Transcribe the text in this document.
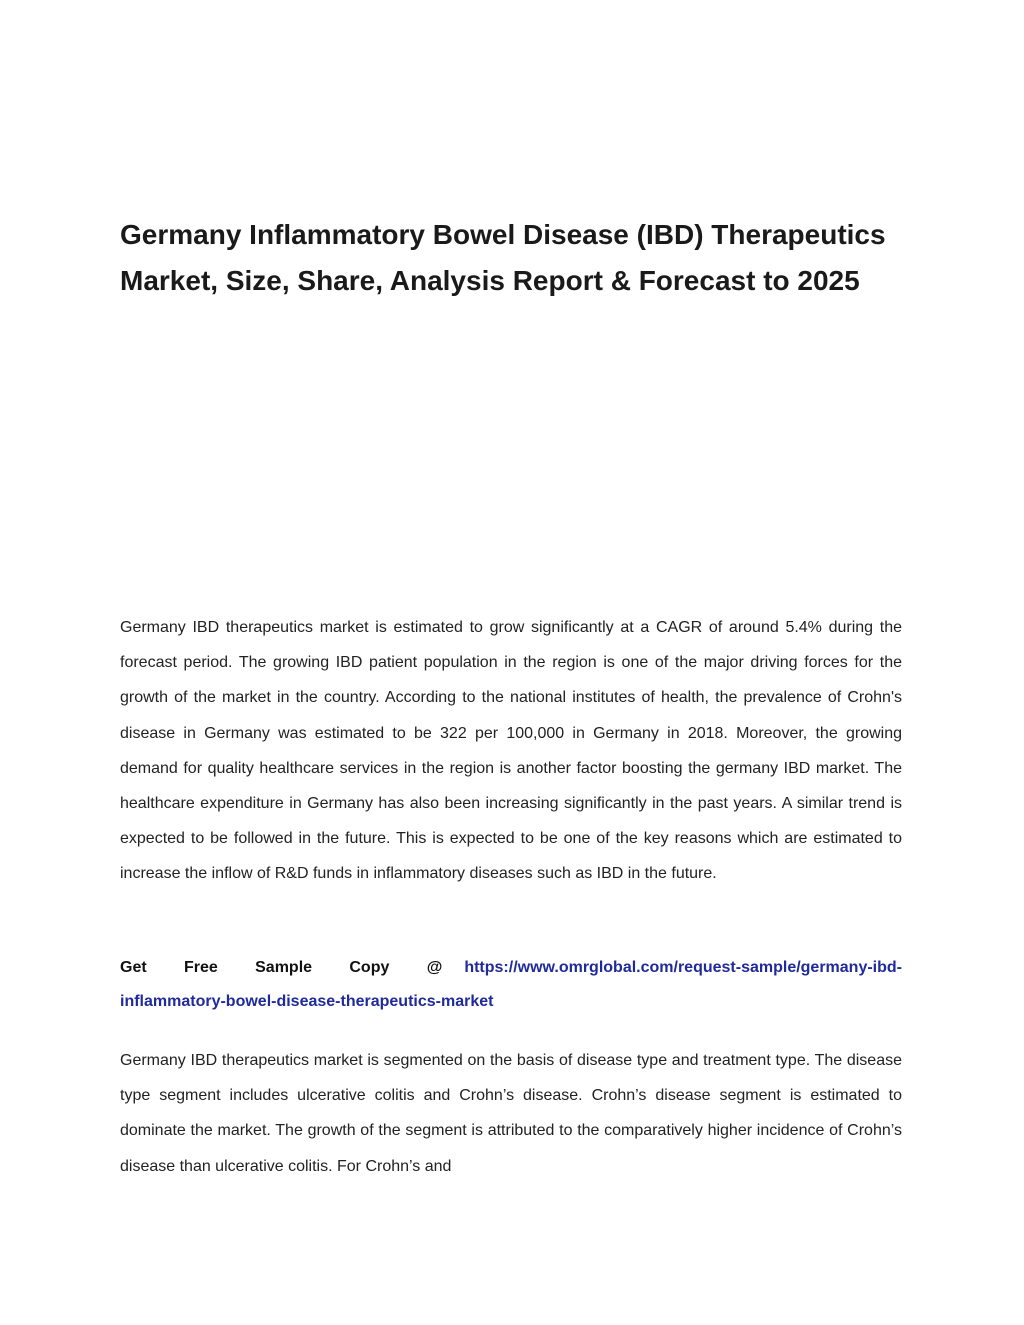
Germany Inflammatory Bowel Disease (IBD) Therapeutics Market, Size, Share, Analysis Report & Forecast to 2025

Germany IBD therapeutics market is estimated to grow significantly at a CAGR of around 5.4% during the forecast period. The growing IBD patient population in the region is one of the major driving forces for the growth of the market in the country. According to the national institutes of health, the prevalence of Crohn's disease in Germany was estimated to be 322 per 100,000 in Germany in 2018. Moreover, the growing demand for quality healthcare services in the region is another factor boosting the germany IBD market. The healthcare expenditure in Germany has also been increasing significantly in the past years. A similar trend is expected to be followed in the future. This is expected to be one of the key reasons which are estimated to increase the inflow of R&D funds in inflammatory diseases such as IBD in the future.

Get Free Sample Copy @ https://www.omrglobal.com/request-sample/germany-ibd-inflammatory-bowel-disease-therapeutics-market

Germany IBD therapeutics market is segmented on the basis of disease type and treatment type. The disease type segment includes ulcerative colitis and Crohn’s disease. Crohn’s disease segment is estimated to dominate the market. The growth of the segment is attributed to the comparatively higher incidence of Crohn’s disease than ulcerative colitis. For Crohn’s and
